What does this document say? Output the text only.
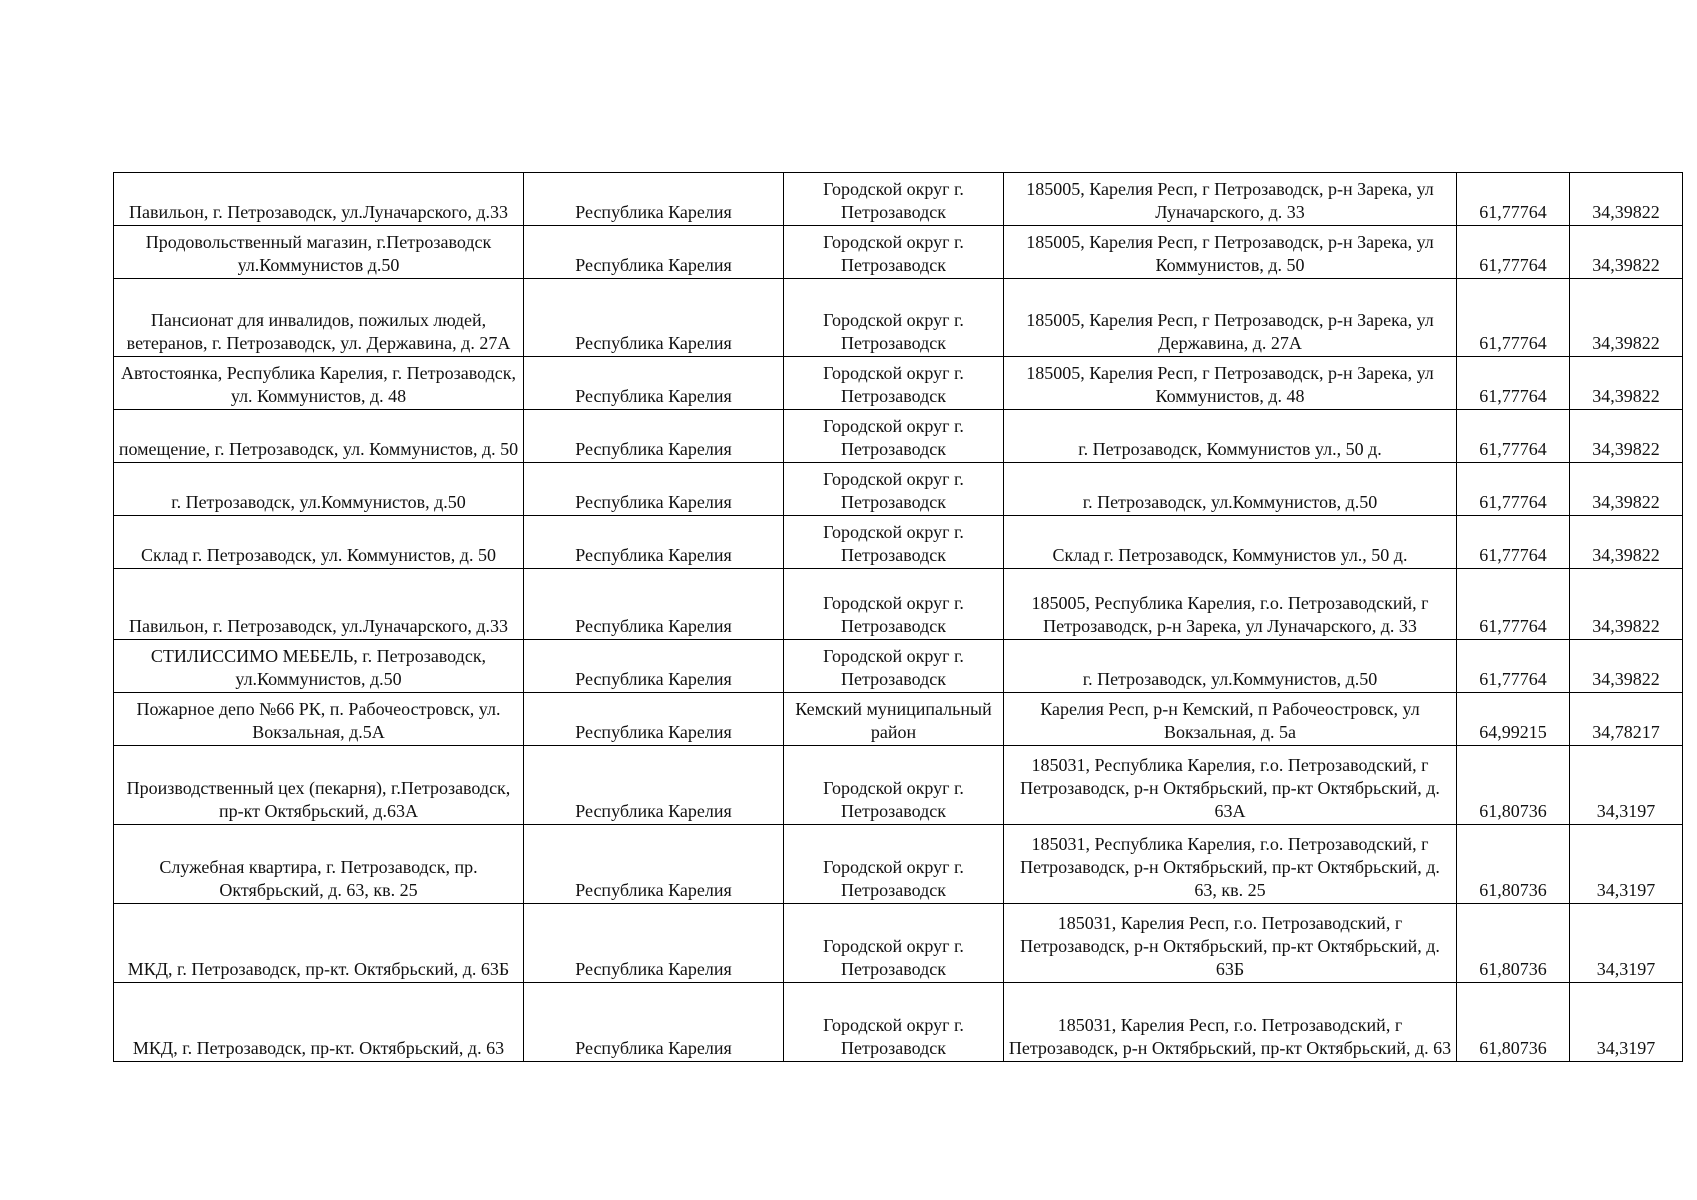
Павильон, г. Петрозаводск, ул.Луначарского, д.33	Республика Карелия	Городской округ г. Петрозаводск	185005, Карелия Респ, г Петрозаводск, р-н Зарека, ул Луначарского, д. 33	61,77764	34,39822
Продовольственный магазин, г.Петрозаводск ул.Коммунистов д.50	Республика Карелия	Городской округ г. Петрозаводск	185005, Карелия Респ, г Петрозаводск, р-н Зарека, ул Коммунистов, д. 50	61,77764	34,39822
Пансионат для инвалидов, пожилых людей, ветеранов, г. Петрозаводск, ул. Державина, д. 27А	Республика Карелия	Городской округ г. Петрозаводск	185005, Карелия Респ, г Петрозаводск, р-н Зарека, ул Державина, д. 27А	61,77764	34,39822
Автостоянка, Республика Карелия, г. Петрозаводск, ул. Коммунистов, д. 48	Республика Карелия	Городской округ г. Петрозаводск	185005, Карелия Респ, г Петрозаводск, р-н Зарека, ул Коммунистов, д. 48	61,77764	34,39822
помещение, г. Петрозаводск, ул. Коммунистов, д. 50	Республика Карелия	Городской округ г. Петрозаводск	г. Петрозаводск, Коммунистов ул., 50 д.	61,77764	34,39822
г. Петрозаводск, ул.Коммунистов, д.50	Республика Карелия	Городской округ г. Петрозаводск	г. Петрозаводск, ул.Коммунистов, д.50	61,77764	34,39822
Склад г. Петрозаводск, ул. Коммунистов, д. 50	Республика Карелия	Городской округ г. Петрозаводск	Склад г. Петрозаводск, Коммунистов ул., 50 д.	61,77764	34,39822
Павильон, г. Петрозаводск, ул.Луначарского, д.33	Республика Карелия	Городской округ г. Петрозаводск	185005, Республика Карелия, г.о. Петрозаводский, г Петрозаводск, р-н Зарека, ул Луначарского, д. 33	61,77764	34,39822
СТИЛИССИМО МЕБЕЛЬ, г. Петрозаводск, ул.Коммунистов, д.50	Республика Карелия	Городской округ г. Петрозаводск	г. Петрозаводск, ул.Коммунистов, д.50	61,77764	34,39822
Пожарное депо №66 РК, п. Рабочеостровск, ул. Вокзальная, д.5А	Республика Карелия	Кемский муниципальный район	Карелия Респ, р-н Кемский, п Рабочеостровск, ул Вокзальная, д. 5а	64,99215	34,78217
Производственный цех (пекарня), г.Петрозаводск, пр-кт Октябрьский, д.63А	Республика Карелия	Городской округ г. Петрозаводск	185031, Республика Карелия, г.о. Петрозаводский, г Петрозаводск, р-н Октябрьский, пр-кт Октябрьский, д. 63А	61,80736	34,3197
Служебная квартира, г. Петрозаводск, пр. Октябрьский, д. 63, кв. 25	Республика Карелия	Городской округ г. Петрозаводск	185031, Республика Карелия, г.о. Петрозаводский, г Петрозаводск, р-н Октябрьский, пр-кт Октябрьский, д. 63, кв. 25	61,80736	34,3197
МКД, г. Петрозаводск, пр-кт. Октябрьский, д. 63Б	Республика Карелия	Городской округ г. Петрозаводск	185031, Карелия Респ, г.о. Петрозаводский, г Петрозаводск, р-н Октябрьский, пр-кт Октябрьский, д. 63Б	61,80736	34,3197
МКД, г. Петрозаводск, пр-кт. Октябрьский, д. 63	Республика Карелия	Городской округ г. Петрозаводск	185031, Карелия Респ, г.о. Петрозаводский, г Петрозаводск, р-н Октябрьский, пр-кт Октябрьский, д. 63	61,80736	34,3197
